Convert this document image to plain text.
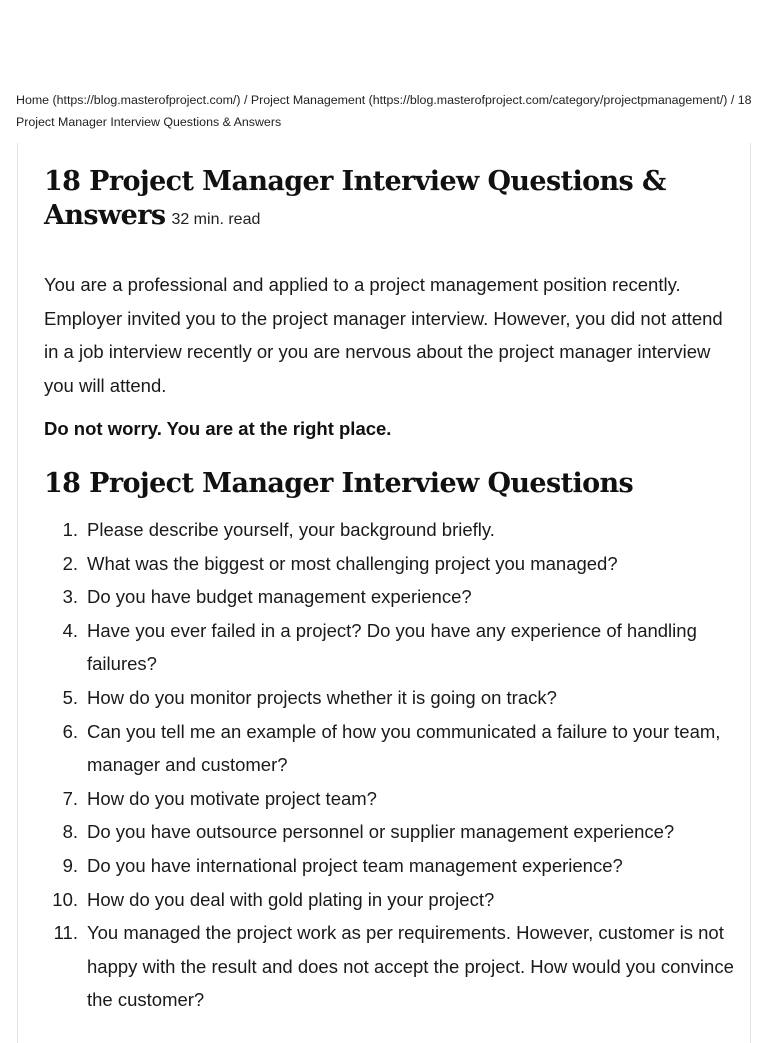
Home (https://blog.masterofproject.com/) / Project Management (https://blog.masterofproject.com/category/projectpmanagement/) / 18 Project Manager Interview Questions & Answers
18 Project Manager Interview Questions & Answers 32 min. read

You are a professional and applied to a project management position recently. Employer invited you to the project manager interview. However, you did not attend in a job interview recently or you are nervous about the project manager interview you will attend.

Do not worry. You are at the right place.

18 Project Manager Interview Questions
1. Please describe yourself, your background briefly.
2. What was the biggest or most challenging project you managed?
3. Do you have budget management experience?
4. Have you ever failed in a project? Do you have any experience of handling failures?
5. How do you monitor projects whether it is going on track?
6. Can you tell me an example of how you communicated a failure to your team, manager and customer?
7. How do you motivate project team?
8. Do you have outsource personnel or supplier management experience?
9. Do you have international project team management experience?
10. How do you deal with gold plating in your project?
11. You managed the project work as per requirements. However, customer is not happy with the result and does not accept the project. How would you convince the customer?
